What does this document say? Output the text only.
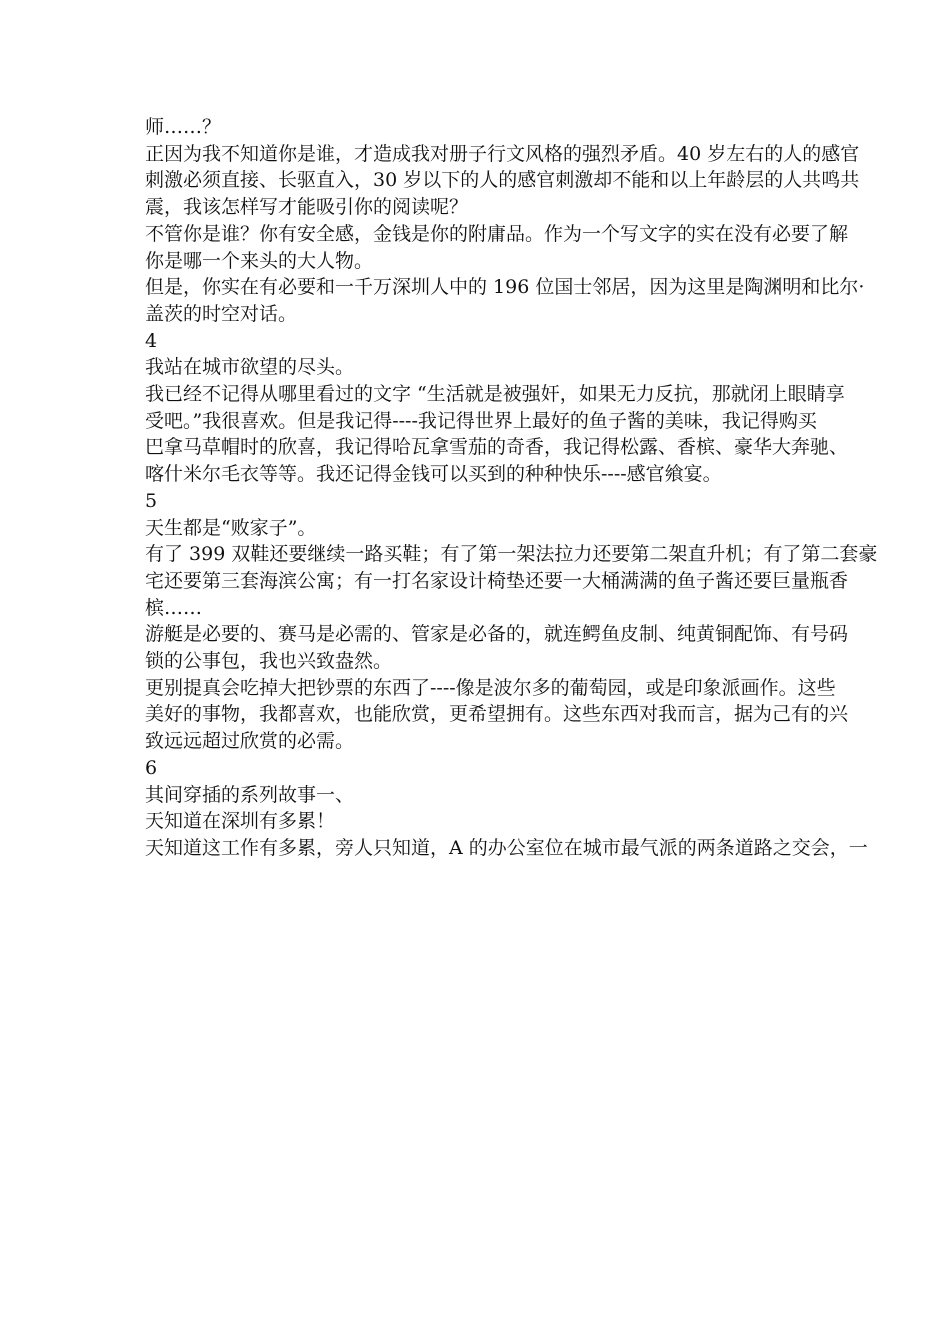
师……？

正因为我不知道你是谁，才造成我对册子行文风格的强烈矛盾。40 岁左右的人的感官

刺激必须直接、长驱直入，30 岁以下的人的感官刺激却不能和以上年龄层的人共鸣共

震，我该怎样写才能吸引你的阅读呢？

不管你是谁？你有安全感，金钱是你的附庸品。作为一个写文字的实在没有必要了解

你是哪一个来头的大人物。

但是，你实在有必要和一千万深圳人中的 196 位国士邻居，因为这里是陶渊明和比尔·

盖茨的时空对话。

4

我站在城市欲望的尽头。

我已经不记得从哪里看过的文字 “生活就是被强奸，如果无力反抗，那就闭上眼睛享

受吧。”我很喜欢。但是我记得----我记得世界上最好的鱼子酱的美味，我记得购买

巴拿马草帽时的欣喜，我记得哈瓦拿雪茄的奇香，我记得松露、香槟、豪华大奔驰、

喀什米尔毛衣等等。我还记得金钱可以买到的种种快乐----感官飨宴。

5

天生都是“败家子”。

有了 399 双鞋还要继续一路买鞋；有了第一架法拉力还要第二架直升机；有了第二套豪

宅还要第三套海滨公寓；有一打名家设计椅垫还要一大桶满满的鱼子酱还要巨量瓶香

槟……

游艇是必要的、赛马是必需的、管家是必备的，就连鳄鱼皮制、纯黄铜配饰、有号码

锁的公事包，我也兴致盎然。

更别提真会吃掉大把钞票的东西了----像是波尔多的葡萄园，或是印象派画作。这些

美好的事物，我都喜欢，也能欣赏，更希望拥有。这些东西对我而言，据为己有的兴

致远远超过欣赏的必需。

6

其间穿插的系列故事一、

天知道在深圳有多累！

天知道这工作有多累，旁人只知道，A 的办公室位在城市最气派的两条道路之交会，一
